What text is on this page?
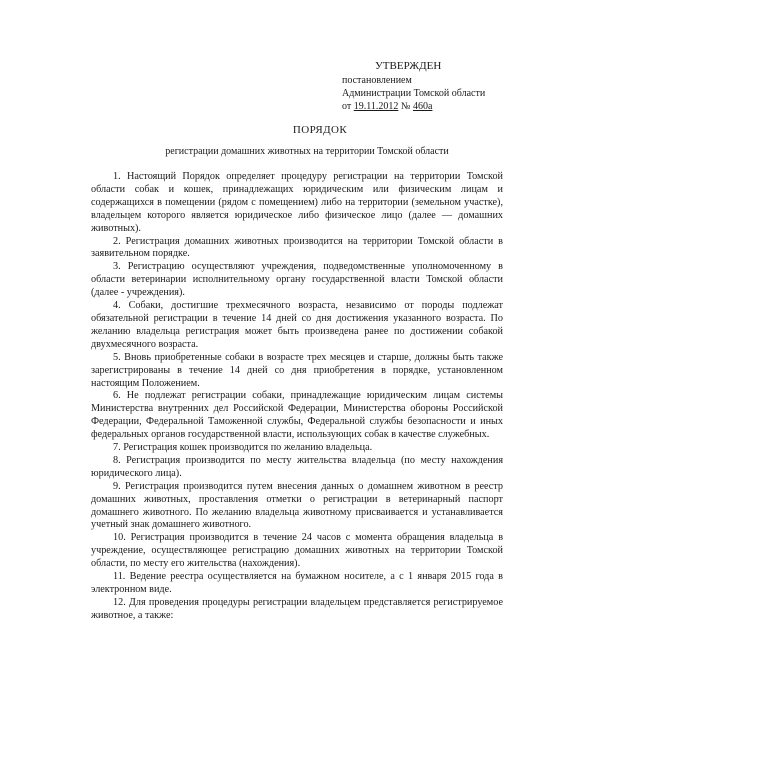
УТВЕРЖДЕН
постановлением
Администрации Томской области
от 19.11.2012 № 460а
ПОРЯДОК
регистрации домашних животных на территории Томской области

1. Настоящий Порядок определяет процедуру регистрации на территории Томской области собак и кошек, принадлежащих юридическим или физическим лицам и содержащихся в помещении (рядом с помещением) либо на территории (земельном участке), владельцем которого является юридическое либо физическое лицо (далее — домашних животных).

2. Регистрация домашних животных производится на территории Томской области в заявительном порядке.

3. Регистрацию осуществляют учреждения, подведомственные уполномоченному в области ветеринарии исполнительному органу государственной власти Томской области (далее - учреждения).

4. Собаки, достигшие трехмесячного возраста, независимо от породы подлежат обязательной регистрации в течение 14 дней со дня достижения указанного возраста. По желанию владельца регистрация может быть произведена ранее по достижении собакой двухмесячного возраста.

5. Вновь приобретенные собаки в возрасте трех месяцев и старше, должны быть также зарегистрированы в течение 14 дней со дня приобретения в порядке, установленном настоящим Положением.

6. Не подлежат регистрации собаки, принадлежащие юридическим лицам системы Министерства внутренних дел Российской Федерации, Министерства обороны Российской Федерации, Федеральной Таможенной службы, Федеральной службы безопасности и иных федеральных органов государственной власти, использующих собак в качестве служебных.

7. Регистрация кошек производится по желанию владельца.

8. Регистрация производится по месту жительства владельца (по месту нахождения юридического лица).

9. Регистрация производится путем внесения данных о домашнем животном в реестр домашних животных, проставления отметки о регистрации в ветеринарный паспорт домашнего животного. По желанию владельца животному присваивается и устанавливается учетный знак домашнего животного.

10. Регистрация производится в течение 24 часов с момента обращения владельца в учреждение, осуществляющее регистрацию домашних животных на территории Томской области, по месту его жительства (нахождения).

11. Ведение реестра осуществляется на бумажном носителе, а с 1 января 2015 года в электронном виде.

12. Для проведения процедуры регистрации владельцем представляется регистрируемое животное, а также:
